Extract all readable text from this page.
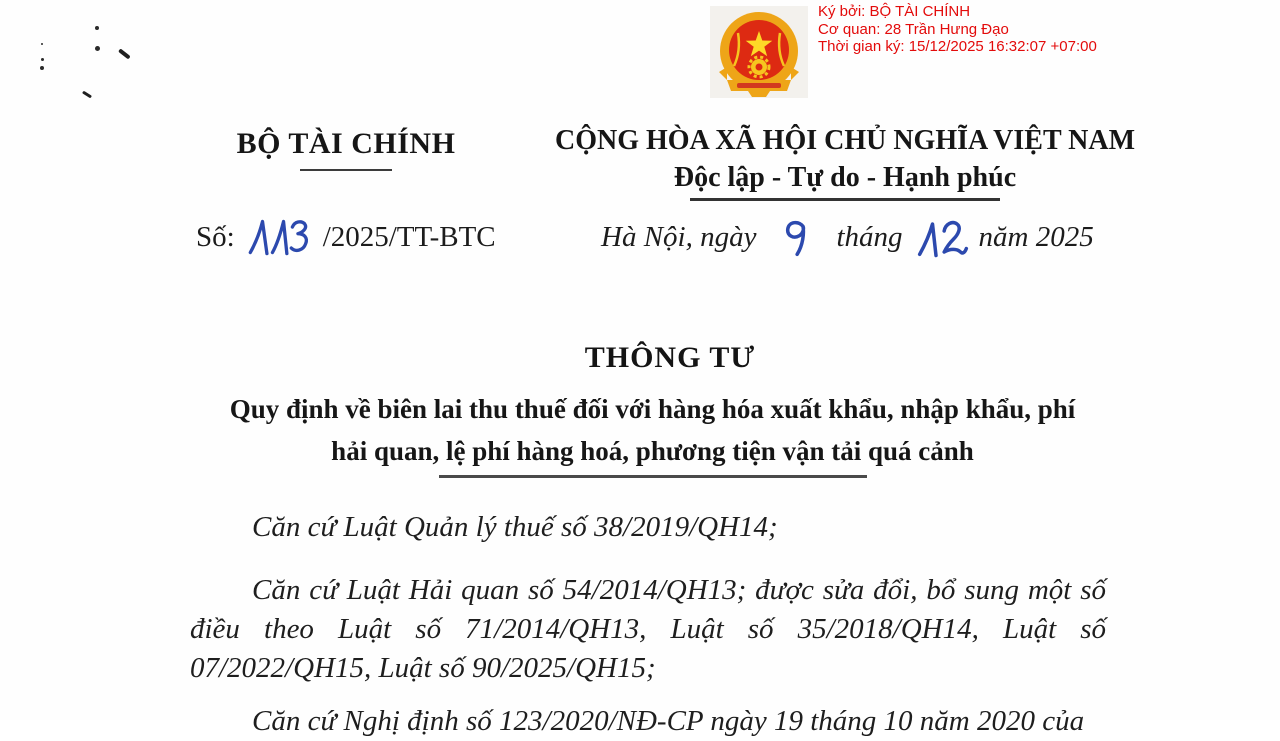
Ký bởi: BỘ TÀI CHÍNH
Cơ quan: 28 Trần Hưng Đạo
Thời gian ký: 15/12/2025 16:32:07 +07:00
BỘ TÀI CHÍNH	CỘNG HÒA XÃ HỘI CHỦ NGHĨA VIỆT NAM
Độc lập - Tự do - Hạnh phúc
Số:	/2025/TT-BTC	Hà Nội, ngày	tháng	năm 2025
THÔNG TƯ
Quy định về biên lai thu thuế đối với hàng hóa xuất khẩu, nhập khẩu, phí
hải quan, lệ phí hàng hoá, phương tiện vận tải quá cảnh
Căn cứ Luật Quản lý thuế số 38/2019/QH14;
Căn cứ Luật Hải quan số 54/2014/QH13; được sửa đổi, bổ sung một số
điều theo Luật số 71/2014/QH13, Luật số 35/2018/QH14, Luật số
07/2022/QH15, Luật số 90/2025/QH15;
Căn cứ Nghị định số 123/2020/NĐ-CP ngày 19 tháng 10 năm 2020 của
